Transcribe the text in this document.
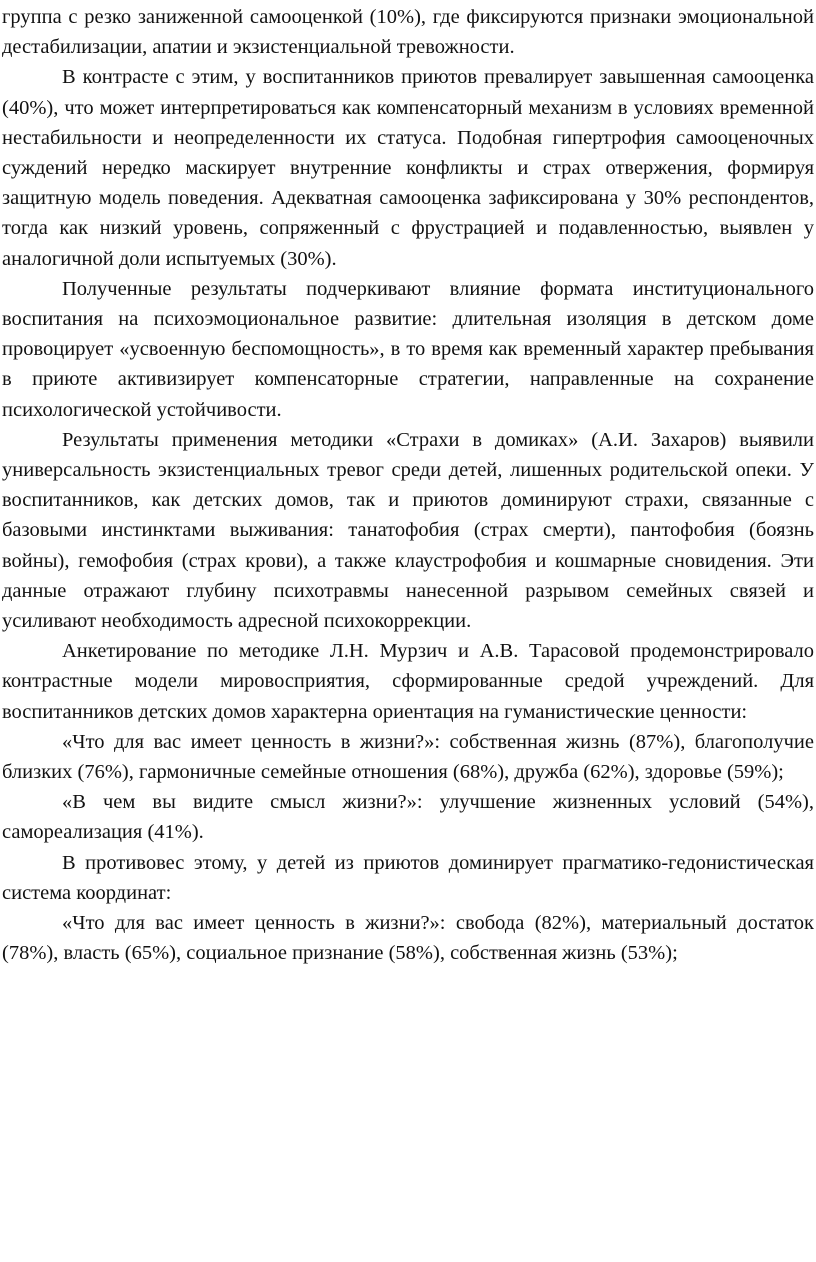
группа с резко заниженной самооценкой (10%), где фиксируются признаки эмоциональной дестабилизации, апатии и экзистенциальной тревожности.

В контрасте с этим, у воспитанников приютов превалирует завышенная самооценка (40%), что может интерпретироваться как компенсаторный механизм в условиях временной нестабильности и неопределенности их статуса. Подобная гипертрофия самооценочных суждений нередко маскирует внутренние конфликты и страх отвержения, формируя защитную модель поведения. Адекватная самооценка зафиксирована у 30% респондентов, тогда как низкий уровень, сопряженный с фрустрацией и подавленностью, выявлен у аналогичной доли испытуемых (30%).

Полученные результаты подчеркивают влияние формата институционального воспитания на психоэмоциональное развитие: длительная изоляция в детском доме провоцирует «усвоенную беспомощность», в то время как временный характер пребывания в приюте активизирует компенсаторные стратегии, направленные на сохранение психологической устойчивости.

Результаты применения методики «Страхи в домиках» (А.И. Захаров) выявили универсальность экзистенциальных тревог среди детей, лишенных родительской опеки. У воспитанников, как детских домов, так и приютов доминируют страхи, связанные с базовыми инстинктами выживания: танатофобия (страх смерти), пантофобия (боязнь войны), гемофобия (страх крови), а также клаустрофобия и кошмарные сновидения. Эти данные отражают глубину психотравмы нанесенной разрывом семейных связей и усиливают необходимость адресной психокоррекции.

Анкетирование по методике Л.Н. Мурзич и А.В. Тарасовой продемонстрировало контрастные модели мировосприятия, сформированные средой учреждений. Для воспитанников детских домов характерна ориентация на гуманистические ценности:

«Что для вас имеет ценность в жизни?»: собственная жизнь (87%), благополучие близких (76%), гармоничные семейные отношения (68%), дружба (62%), здоровье (59%);

«В чем вы видите смысл жизни?»: улучшение жизненных условий (54%), самореализация (41%).

В противовес этому, у детей из приютов доминирует прагматико-гедонистическая система координат:

«Что для вас имеет ценность в жизни?»: свобода (82%), материальный достаток (78%), власть (65%), социальное признание (58%), собственная жизнь (53%);
